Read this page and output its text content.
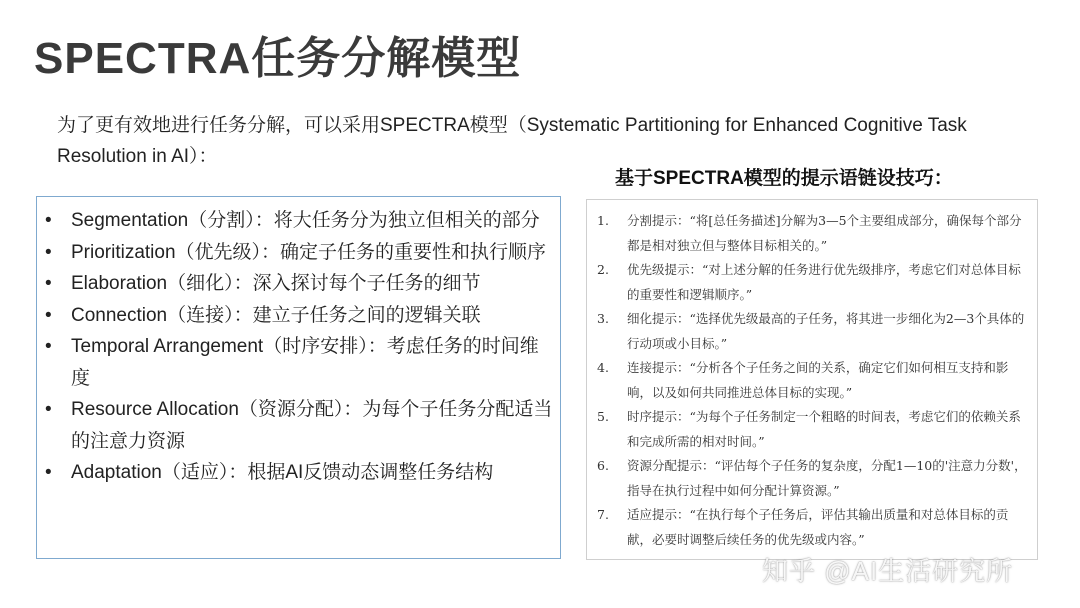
SPECTRA任务分解模型
为了更有效地进行任务分解，可以采用SPECTRA模型（Systematic Partitioning for Enhanced Cognitive Task Resolution in AI）：
• Segmentation（分割）：将大任务分为独立但相关的部分
• Prioritization（优先级）：确定子任务的重要性和执行顺序
• Elaboration（细化）：深入探讨每个子任务的细节
• Connection（连接）：建立子任务之间的逻辑关联
• Temporal Arrangement（时序安排）：考虑任务的时间维度
• Resource Allocation（资源分配）：为每个子任务分配适当的注意力资源
• Adaptation（适应）：根据AI反馈动态调整任务结构
基于SPECTRA模型的提示语链设技巧：
1. 分割提示：“将[总任务描述]分解为3—5个主要组成部分，确保每个部分都是相对独立但与整体目标相关的。”
2. 优先级提示：“对上述分解的任务进行优先级排序，考虑它们对总体目标的重要性和逻辑顺序。”
3. 细化提示：“选择优先级最高的子任务，将其进一步细化为2—3个具体的行动项或小目标。”
4. 连接提示：“分析各个子任务之间的关系，确定它们如何相互支持和影响，以及如何共同推进总体目标的实现。”
5. 时序提示：“为每个子任务制定一个粗略的时间表，考虑它们的依赖关系和完成所需的相对时间。”
6. 资源分配提示：“评估每个子任务的复杂度，分配1—10的'注意力分数'，指导在执行过程中如何分配计算资源。”
7. 适应提示：“在执行每个子任务后，评估其输出质量和对总体目标的贡献，必要时调整后续任务的优先级或内容。”
知乎 @AI生活研究所
